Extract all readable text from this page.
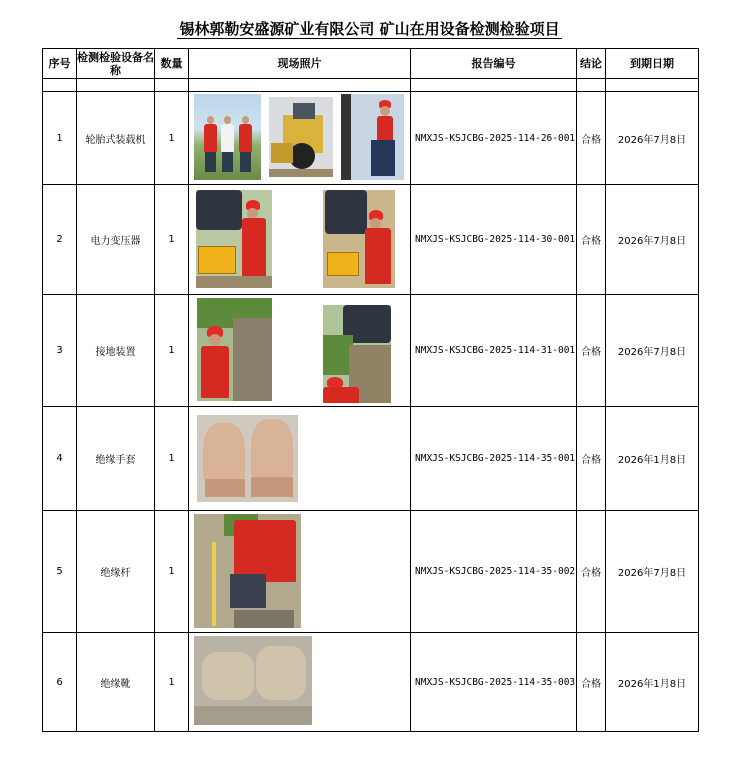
锡林郭勒安盛源矿业有限公司 矿山在用设备检测检验项目
序号	检测检验设备名称	数量	现场照片	报告编号	结论	到期日期

1	轮胎式装载机	1		NMXJS-KSJCBG-2025-114-26-001	合格	2026年7月8日
2	电力变压器	1		NMXJS-KSJCBG-2025-114-30-001	合格	2026年7月8日
3	接地装置	1		NMXJS-KSJCBG-2025-114-31-001	合格	2026年7月8日
4	绝缘手套	1		NMXJS-KSJCBG-2025-114-35-001	合格	2026年1月8日
5	绝缘杆	1		NMXJS-KSJCBG-2025-114-35-002	合格	2026年7月8日
6	绝缘靴	1		NMXJS-KSJCBG-2025-114-35-003	合格	2026年1月8日
